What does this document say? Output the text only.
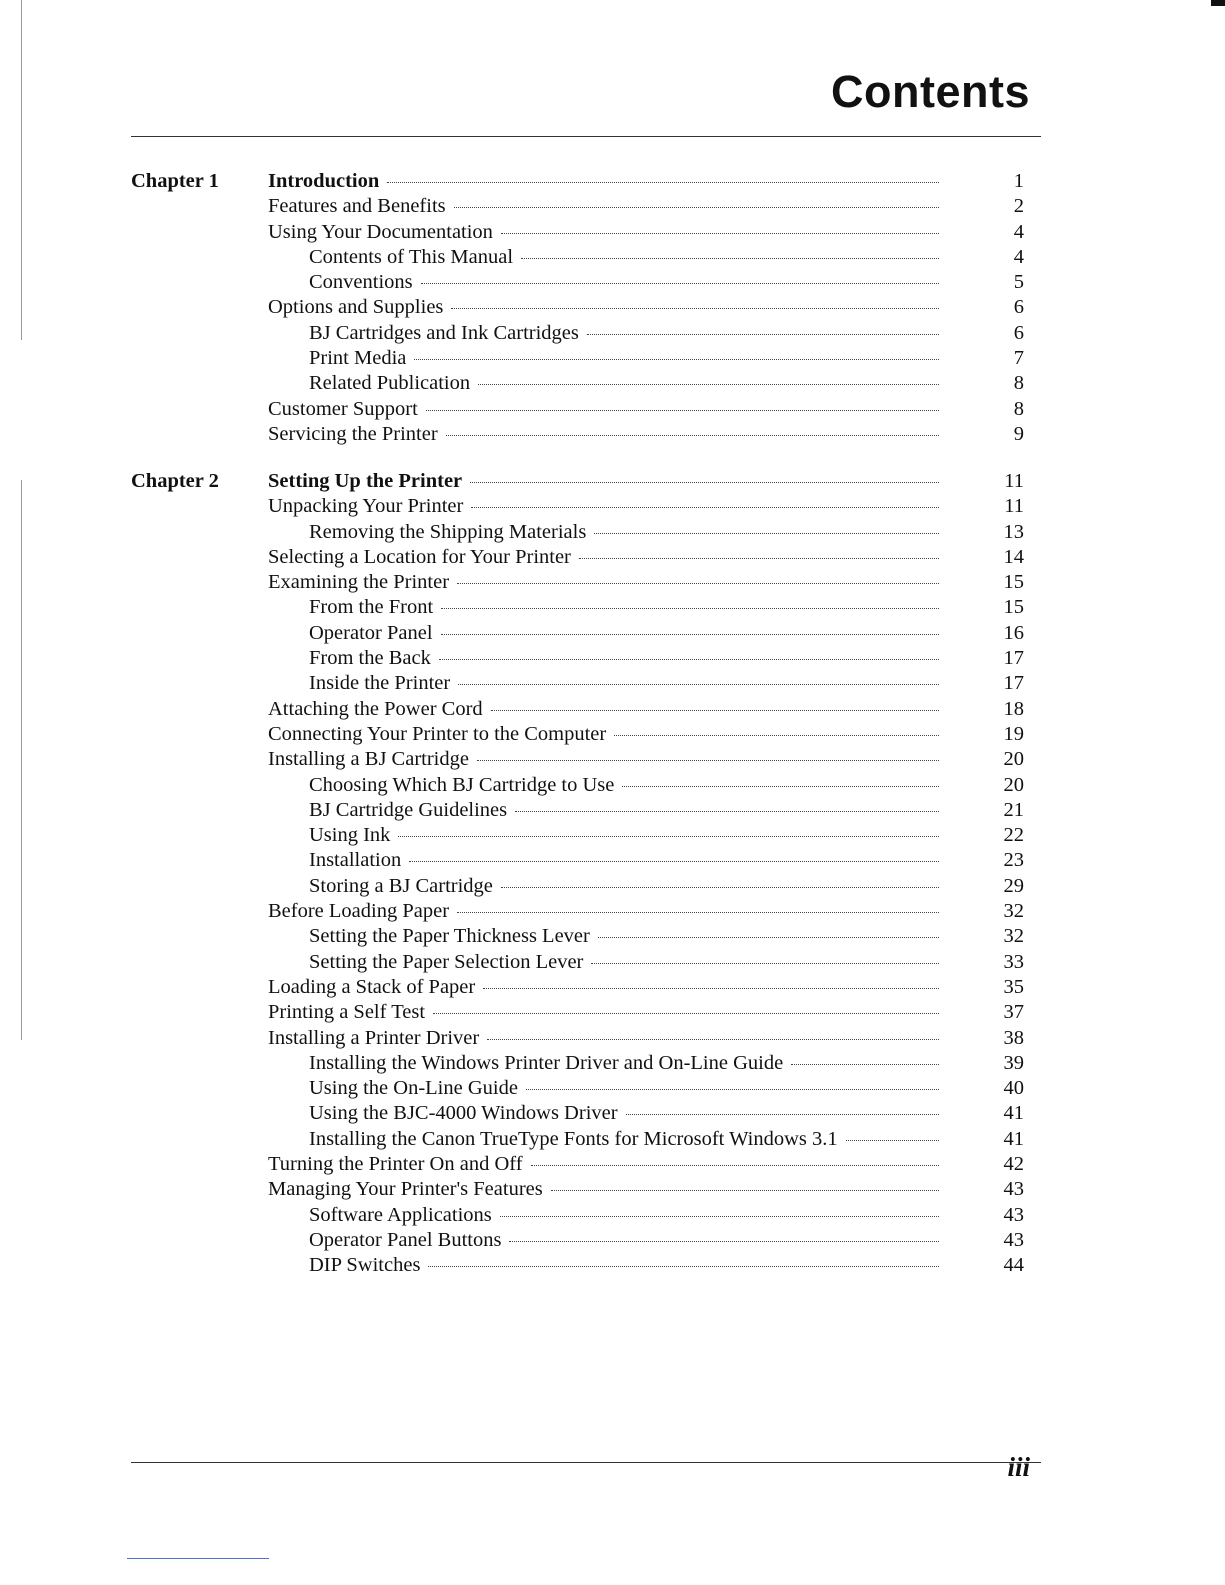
Contents
Chapter 1 Introduction	1
Features and Benefits	2
Using Your Documentation	4
Contents of This Manual	4
Conventions	5
Options and Supplies	6
BJ Cartridges and Ink Cartridges	6
Print Media	7
Related Publication	8
Customer Support	8
Servicing the Printer	9
Chapter 2 Setting Up the Printer	11
Unpacking Your Printer	11
Removing the Shipping Materials	13
Selecting a Location for Your Printer	14
Examining the Printer	15
From the Front	15
Operator Panel	16
From the Back	17
Inside the Printer	17
Attaching the Power Cord	18
Connecting Your Printer to the Computer	19
Installing a BJ Cartridge	20
Choosing Which BJ Cartridge to Use	20
BJ Cartridge Guidelines	21
Using Ink	22
Installation	23
Storing a BJ Cartridge	29
Before Loading Paper	32
Setting the Paper Thickness Lever	32
Setting the Paper Selection Lever	33
Loading a Stack of Paper	35
Printing a Self Test	37
Installing a Printer Driver	38
Installing the Windows Printer Driver and On-Line Guide	39
Using the On-Line Guide	40
Using the BJC-4000 Windows Driver	41
Installing the Canon TrueType Fonts for Microsoft Windows 3.1	41
Turning the Printer On and Off	42
Managing Your Printer's Features	43
Software Applications	43
Operator Panel Buttons	43
DIP Switches	44

iii
